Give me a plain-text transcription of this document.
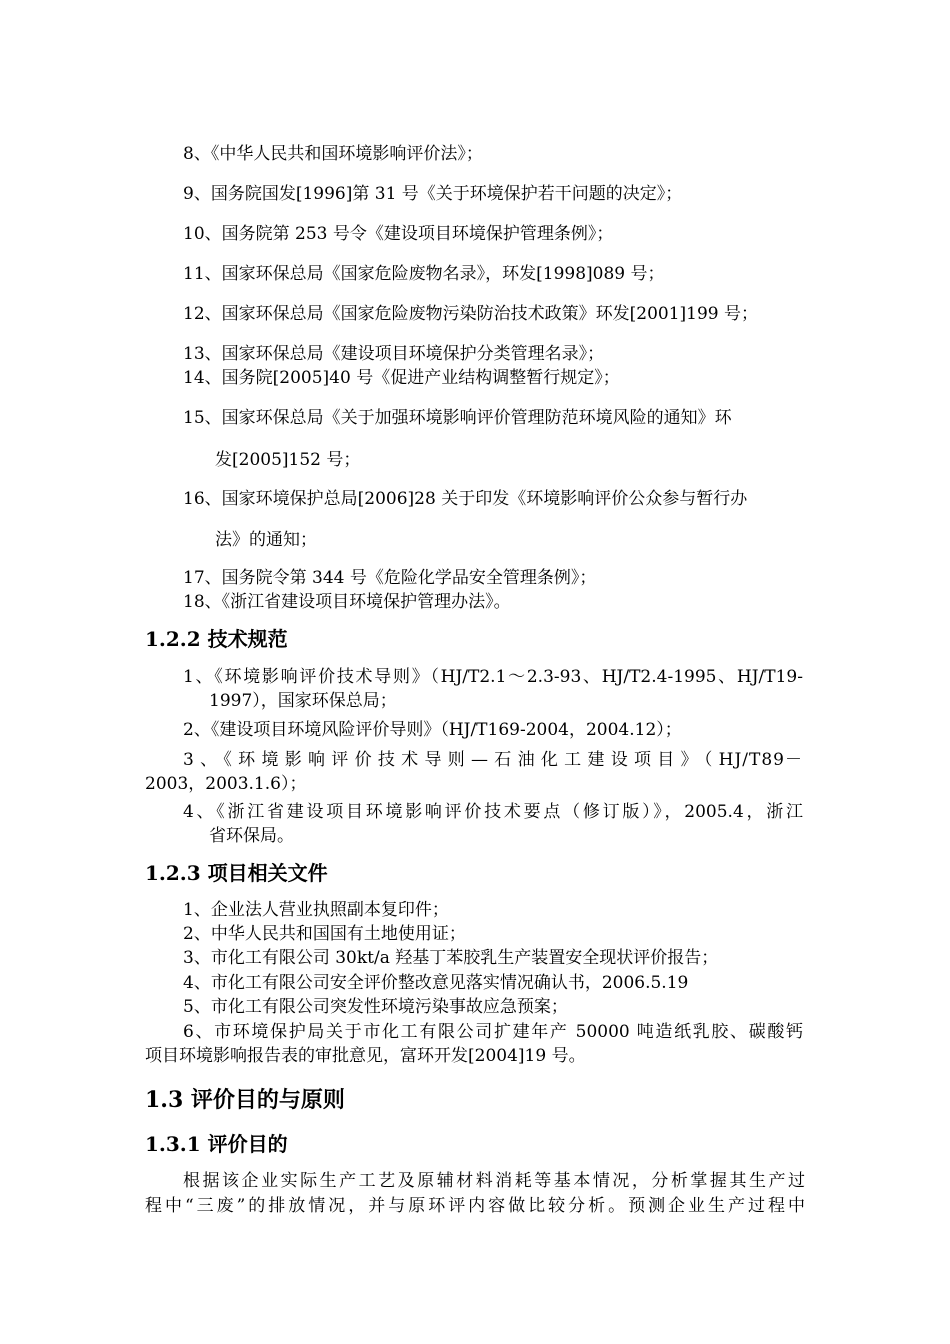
8、《中华人民共和国环境影响评价法》；
9、国务院国发[1996]第 31 号《关于环境保护若干问题的决定》；
10、国务院第 253 号令《建设项目环境保护管理条例》；
11、国家环保总局《国家危险废物名录》，环发[1998]089 号；
12、国家环保总局《国家危险废物污染防治技术政策》环发[2001]199 号；
13、国家环保总局《建设项目环境保护分类管理名录》；
14、国务院[2005]40 号《促进产业结构调整暂行规定》；
15、国家环保总局《关于加强环境影响评价管理防范环境风险的通知》环
发[2005]152 号；
16、国家环境保护总局[2006]28 关于印发《环境影响评价公众参与暂行办
法》的通知；
17、国务院令第 344 号《危险化学品安全管理条例》；
18、《浙江省建设项目环境保护管理办法》。
1.2.2 技术规范
1、《环境影响评价技术导则》（HJ/T2.1～2.3-93、HJ/T2.4-1995、HJ/T19-
1997），国家环保总局；
2、《建设项目环境风险评价导则》（HJ/T169-2004，2004.12）；
3、《环境影响评价技术导则—石油化工建设项目》（HJ/T89－
2003，2003.1.6）；
4、《浙江省建设项目环境影响评价技术要点（修订版）》，2005.4，浙江
省环保局。
1.2.3 项目相关文件
1、企业法人营业执照副本复印件；
2、中华人民共和国国有土地使用证；
3、市化工有限公司 30kt/a 羟基丁苯胶乳生产装置安全现状评价报告；
4、市化工有限公司安全评价整改意见落实情况确认书，2006.5.19
5、市化工有限公司突发性环境污染事故应急预案；
6、市环境保护局关于市化工有限公司扩建年产 50000 吨造纸乳胶、碳酸钙
项目环境影响报告表的审批意见，富环开发[2004]19 号。
1.3 评价目的与原则
1.3.1 评价目的
根据该企业实际生产工艺及原辅材料消耗等基本情况，分析掌握其生产过
程中“三废”的排放情况，并与原环评内容做比较分析。预测企业生产过程中
